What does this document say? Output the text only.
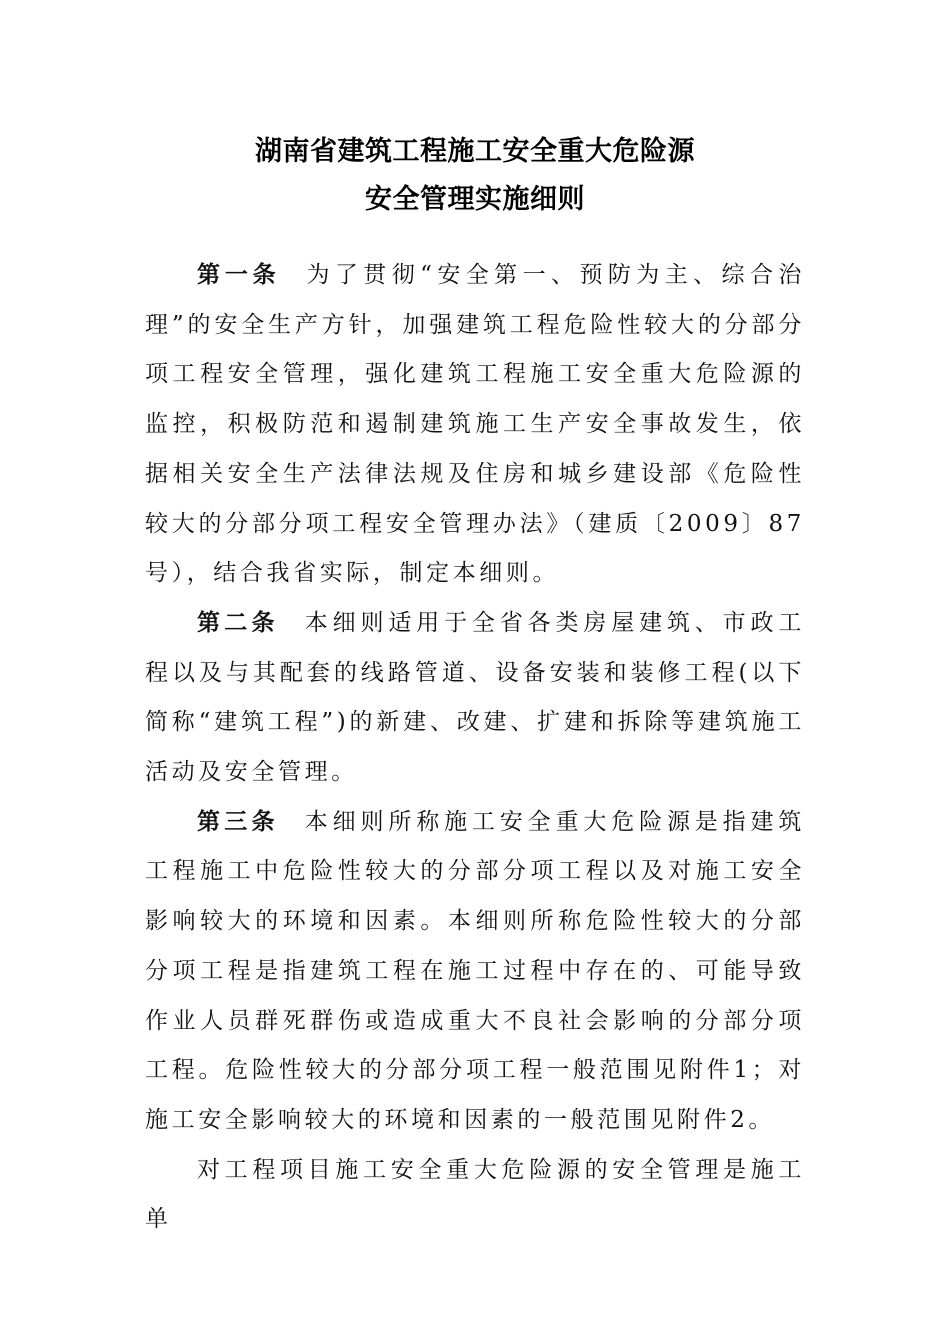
湖南省建筑工程施工安全重大危险源
安全管理实施细则

第一条 为了贯彻“安全第一、预防为主、综合治理”的安全生产方针，加强建筑工程危险性较大的分部分项工程安全管理，强化建筑工程施工安全重大危险源的监控，积极防范和遏制建筑施工生产安全事故发生，依据相关安全生产法律法规及住房和城乡建设部《危险性较大的分部分项工程安全管理办法》（建质〔2009〕87号），结合我省实际，制定本细则。

第二条 本细则适用于全省各类房屋建筑、市政工程以及与其配套的线路管道、设备安装和装修工程(以下简称“建筑工程”)的新建、改建、扩建和拆除等建筑施工活动及安全管理。

第三条 本细则所称施工安全重大危险源是指建筑工程施工中危险性较大的分部分项工程以及对施工安全影响较大的环境和因素。本细则所称危险性较大的分部分项工程是指建筑工程在施工过程中存在的、可能导致作业人员群死群伤或造成重大不良社会影响的分部分项工程。危险性较大的分部分项工程一般范围见附件1；对施工安全影响较大的环境和因素的一般范围见附件2。

对工程项目施工安全重大危险源的安全管理是施工单
